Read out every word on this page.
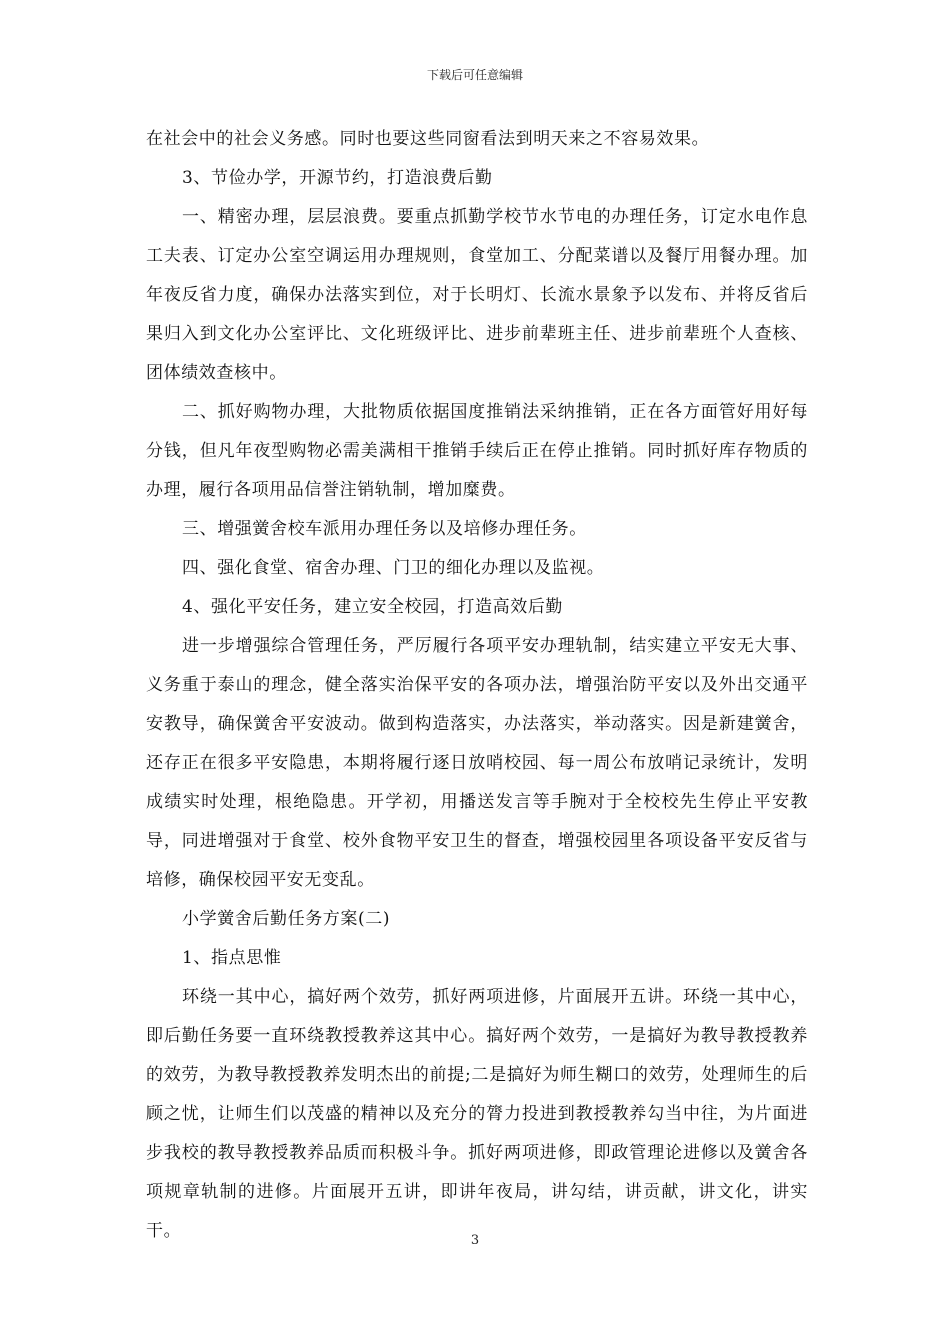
下载后可任意编辑

在社会中的社会义务感。同时也要这些同窗看法到明天来之不容易效果。

3、节俭办学，开源节约，打造浪费后勤

一、精密办理，层层浪费。要重点抓勤学校节水节电的办理任务，订定水电作息工夫表、订定办公室空调运用办理规则，食堂加工、分配菜谱以及餐厅用餐办理。加年夜反省力度，确保办法落实到位，对于长明灯、长流水景象予以发布、并将反省后果归入到文化办公室评比、文化班级评比、进步前辈班主任、进步前辈班个人查核、团体绩效查核中。

二、抓好购物办理，大批物质依据国度推销法采纳推销，正在各方面管好用好每分钱，但凡年夜型购物必需美满相干推销手续后正在停止推销。同时抓好库存物质的办理，履行各项用品信誉注销轨制，增加糜费。

三、增强黉舍校车派用办理任务以及培修办理任务。

四、强化食堂、宿舍办理、门卫的细化办理以及监视。

4、强化平安任务，建立安全校园，打造高效后勤

进一步增强综合管理任务，严厉履行各项平安办理轨制，结实建立平安无大事、义务重于泰山的理念，健全落实治保平安的各项办法，增强治防平安以及外出交通平安教导，确保黉舍平安波动。做到构造落实，办法落实，举动落实。因是新建黉舍，还存正在很多平安隐患，本期将履行逐日放哨校园、每一周公布放哨记录统计，发明成绩实时处理，根绝隐患。开学初，用播送发言等手腕对于全校校先生停止平安教导，同进增强对于食堂、校外食物平安卫生的督查，增强校园里各项设备平安反省与培修，确保校园平安无变乱。

小学黉舍后勤任务方案(二)

1、指点思惟

环绕一其中心，搞好两个效劳，抓好两项进修，片面展开五讲。环绕一其中心，即后勤任务要一直环绕教授教养这其中心。搞好两个效劳，一是搞好为教导教授教养的效劳，为教导教授教养发明杰出的前提;二是搞好为师生糊口的效劳，处理师生的后顾之忧，让师生们以茂盛的精神以及充分的膂力投进到教授教养勾当中往，为片面进步我校的教导教授教养品质而积极斗争。抓好两项进修，即政管理论进修以及黉舍各项规章轨制的进修。片面展开五讲，即讲年夜局，讲勾结，讲贡献，讲文化，讲实干。	3
